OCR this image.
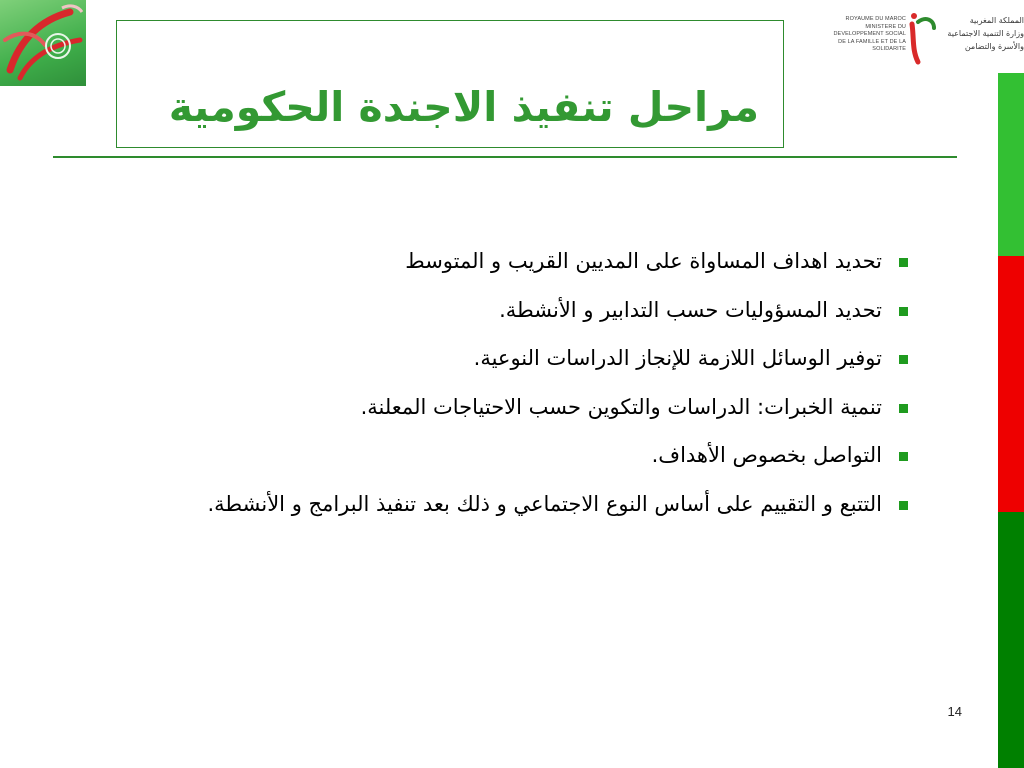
ROYAUME DU MAROC
MINISTERE DU DEVELOPPEMENT SOCIAL
DE LA FAMILLE ET DE LA SOLIDARITE
المملكة المغربية
وزارة التنمية الاجتماعية
والأسرة والتضامن
مراحل تنفيذ الاجندة الحكومية
تحديد اهداف المساواة على المديين القريب و المتوسط
تحديد المسؤوليات حسب التدابير و الأنشطة.
توفير الوسائل اللازمة للإنجاز الدراسات النوعية.
تنمية الخبرات: الدراسات والتكوين حسب الاحتياجات المعلنة.
التواصل بخصوص الأهداف.
التتبع و التقييم على أساس النوع الاجتماعي و ذلك بعد تنفيذ البرامج و الأنشطة.
14
